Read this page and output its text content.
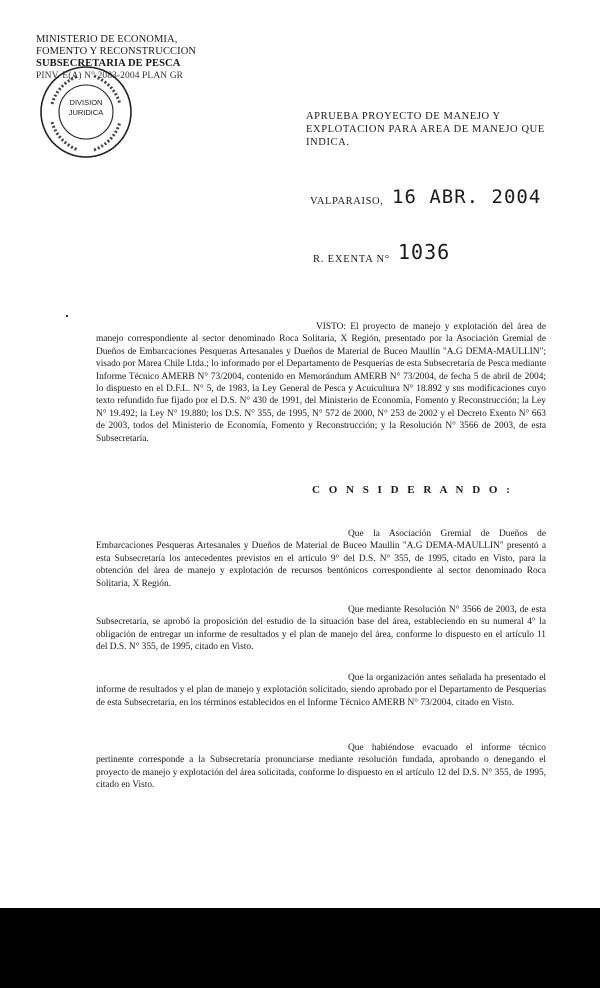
MINISTERIO DE ECONOMIA,
FOMENTO Y RECONSTRUCCION
SUBSECRETARIA DE PESCA
PINV. E(A) N° 2083-2004 PLAN GR
DIVISION
JURIDICA	APRUEBA PROYECTO DE MANEJO Y EXPLOTACION PARA AREA DE MANEJO QUE INDICA.
VALPARAISO, 16 ABR. 2004
R. EXENTA N° 1036
VISTO: El proyecto de manejo y explotación del área de manejo correspondiente al sector denominado Roca Solitaria, X Región, presentado por la Asociación Gremial de Dueños de Embarcaciones Pesqueras Artesanales y Dueños de Material de Buceo Maullín "A.G DEMA-MAULLIN"; visado por Marea Chile Ltda.; lo informado por el Departamento de Pesquerías de esta Subsecretaría de Pesca mediante Informe Técnico AMERB N° 73/2004, contenido en Memorándum AMERB N° 73/2004, de fecha 5 de abril de 2004; lo dispuesto en el D.F.L. N° 5, de 1983, la Ley General de Pesca y Acuicultura N° 18.892 y sus modificaciones cuyo texto refundido fue fijado por el D.S. N° 430 de 1991, del Ministerio de Economía, Fomento y Reconstrucción; la Ley N° 19.492; la Ley N° 19.880; los D.S. N° 355, de 1995, N° 572 de 2000, N° 253 de 2002 y el Decreto Exento N° 663 de 2003, todos del Ministerio de Economía, Fomento y Reconstrucción; y la Resolución N° 3566 de 2003, de esta Subsecretaría.
C O N S I D E R A N D O :
Que la Asociación Gremial de Dueños de Embarcaciones Pesqueras Artesanales y Dueños de Material de Buceo Maullín "A.G DEMA-MAULLIN" presentó a esta Subsecretaría los antecedentes previstos en el artículo 9° del D.S. N° 355, de 1995, citado en Visto, para la obtención del área de manejo y explotación de recursos bentónicos correspondiente al sector denominado Roca Solitaria, X Región.
Que mediante Resolución N° 3566 de 2003, de esta Subsecretaría, se aprobó la proposición del estudio de la situación base del área, estableciendo en su numeral 4° la obligación de entregar un informe de resultados y el plan de manejo del área, conforme lo dispuesto en el artículo 11 del D.S. N° 355, de 1995, citado en Visto.
Que la organización antes señalada ha presentado el informe de resultados y el plan de manejo y explotación solicitado, siendo aprobado por el Departamento de Pesquerías de esta Subsecretaría, en los términos establecidos en el Informe Técnico AMERB N° 73/2004, citado en Visto.
Que habiéndose evacuado el informe técnico pertinente corresponde a la Subsecretaría pronunciarse mediante resolución fundada, aprobando o denegando el proyecto de manejo y explotación del área solicitada, conforme lo dispuesto en el artículo 12 del D.S. N° 355, de 1995, citado en Visto.
